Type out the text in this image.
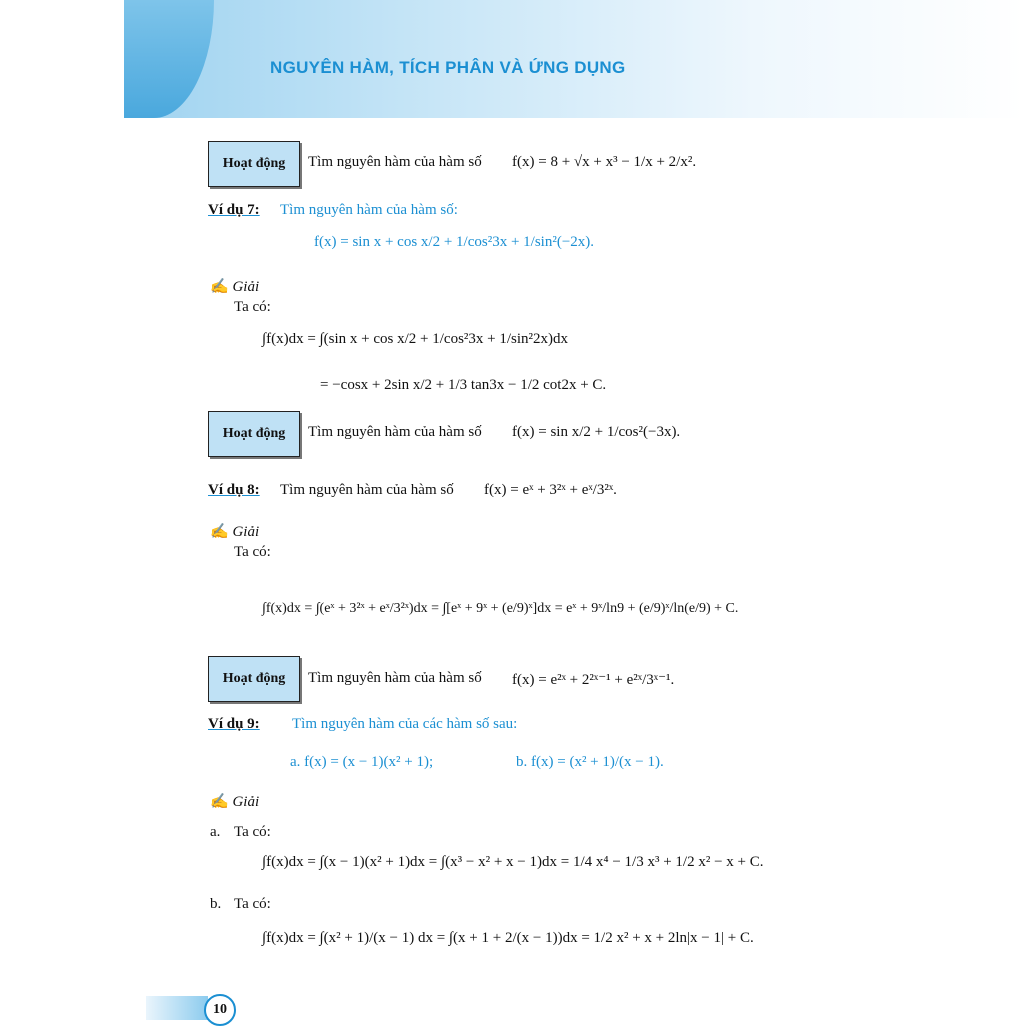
NGUYÊN HÀM, TÍCH PHÂN VÀ ỨNG DỤNG
Hoạt động	Tìm nguyên hàm của hàm số f(x) = 8 + √x + x³ − 1/x + 2/x².
Ví dụ 7: Tìm nguyên hàm của hàm số:
f(x) = sin x + cos x/2 + 1/cos²3x + 1/sin²(−2x).
✍ Giải
Ta có:
∫f(x)dx = ∫(sin x + cos x/2 + 1/cos²3x + 1/sin²2x)dx
= −cosx + 2sin x/2 + 1/3 tan3x − 1/2 cot2x + C.
Hoạt động	Tìm nguyên hàm của hàm số f(x) = sin x/2 + 1/cos²(−3x).
Ví dụ 8: Tìm nguyên hàm của hàm số f(x) = eˣ + 3²ˣ + eˣ/3²ˣ.
✍ Giải
Ta có:
∫f(x)dx = ∫(eˣ + 3²ˣ + eˣ/3²ˣ)dx = ∫[eˣ + 9ˣ + (e/9)ˣ]dx = eˣ + 9ˣ/ln9 + (e/9)ˣ/ln(e/9) + C.
Hoạt động	Tìm nguyên hàm của hàm số f(x) = e²ˣ + 2²ˣ⁻¹ + e²ˣ/3ˣ⁻¹.
Ví dụ 9: Tìm nguyên hàm của các hàm số sau:
a. f(x) = (x − 1)(x² + 1);	b. f(x) = (x² + 1)/(x − 1).
✍ Giải
a. Ta có:
∫f(x)dx = ∫(x − 1)(x² + 1)dx = ∫(x³ − x² + x − 1)dx = 1/4 x⁴ − 1/3 x³ + 1/2 x² − x + C.
b. Ta có:
∫f(x)dx = ∫(x² + 1)/(x − 1) dx = ∫(x + 1 + 2/(x − 1))dx = 1/2 x² + x + 2ln|x − 1| + C.
10
